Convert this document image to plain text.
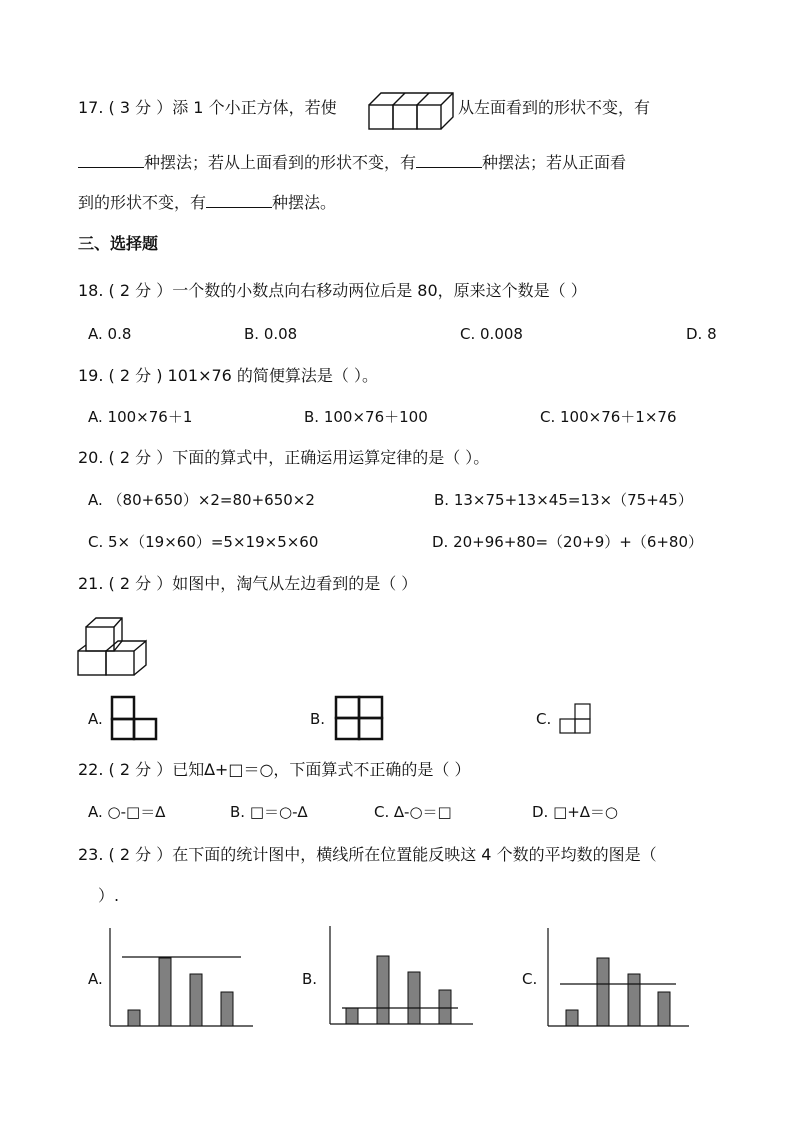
17. ( 3 分 ）添 1 个小正方体，若使	从左面看到的形状不变，有
种摆法；若从上面看到的形状不变，有	种摆法；若从正面看
到的形状不变，有	种摆法。
三、选择题
18. ( 2 分 ）一个数的小数点向右移动两位后是 80，原来这个数是（ ）
A. 0.8	B. 0.08	C. 0.008	D. 8
19. ( 2 分 ) 101×76 的简便算法是（ ）。
A. 100×76＋1	B. 100×76＋100	C. 100×76＋1×76
20. ( 2 分 ）下面的算式中，正确运用运算定律的是（ ）。
A. （80+650）×2=80+650×2	B. 13×75+13×45=13×（75+45）
C. 5×（19×60）=5×19×5×60	D. 20+96+80=（20+9）+（6+80）
21. ( 2 分 ）如图中，淘气从左边看到的是（ ）
A.	B.	C.
22. ( 2 分 ）已知∆+□＝○，下面算式不正确的是（ ）
A. ○-□＝∆	B. □＝○-∆	C. ∆-○＝□	D. □+∆＝○
23. ( 2 分 ）在下面的统计图中，横线所在位置能反映这 4 个数的平均数的图是（
）.
A.	B.	C.
